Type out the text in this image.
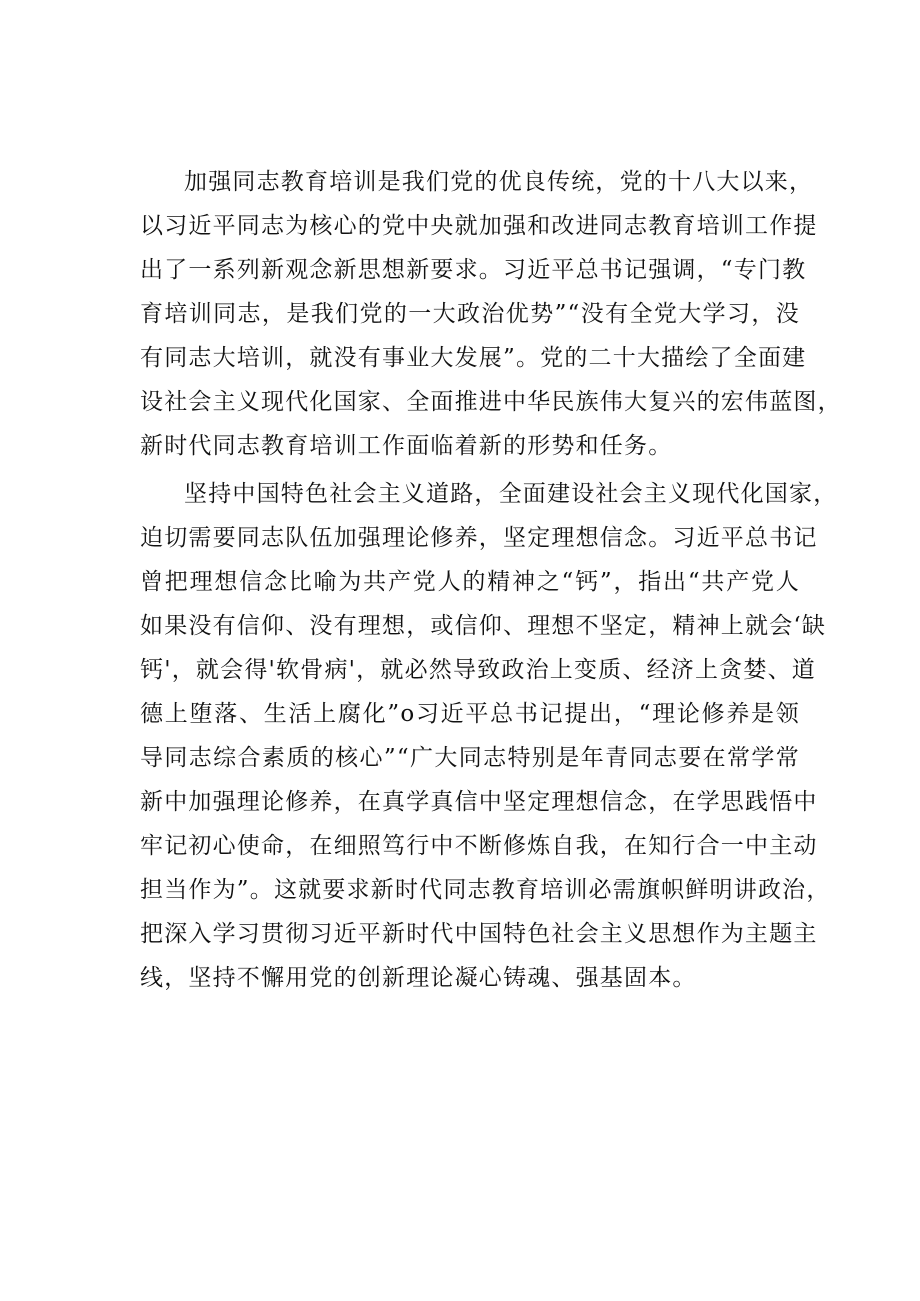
加强同志教育培训是我们党的优良传统，党的十八大以来，
以习近平同志为核心的党中央就加强和改进同志教育培训工作提
出了一系列新观念新思想新要求。习近平总书记强调，“专门教
育培训同志，是我们党的一大政治优势”“没有全党大学习，没
有同志大培训，就没有事业大发展”。党的二十大描绘了全面建
设社会主义现代化国家、全面推进中华民族伟大复兴的宏伟蓝图，
新时代同志教育培训工作面临着新的形势和任务。

坚持中国特色社会主义道路，全面建设社会主义现代化国家，
迫切需要同志队伍加强理论修养，坚定理想信念。习近平总书记
曾把理想信念比喻为共产党人的精神之“钙”，指出“共产党人
如果没有信仰、没有理想，或信仰、理想不坚定，精神上就会‘缺
钙'，就会得'软骨病'，就必然导致政治上变质、经济上贪婪、道
德上堕落、生活上腐化”o习近平总书记提出，“理论修养是领
导同志综合素质的核心”“广大同志特别是年青同志要在常学常
新中加强理论修养，在真学真信中坚定理想信念，在学思践悟中
牢记初心使命，在细照笃行中不断修炼自我，在知行合一中主动
担当作为”。这就要求新时代同志教育培训必需旗帜鲜明讲政治，
把深入学习贯彻习近平新时代中国特色社会主义思想作为主题主
线，坚持不懈用党的创新理论凝心铸魂、强基固本。
